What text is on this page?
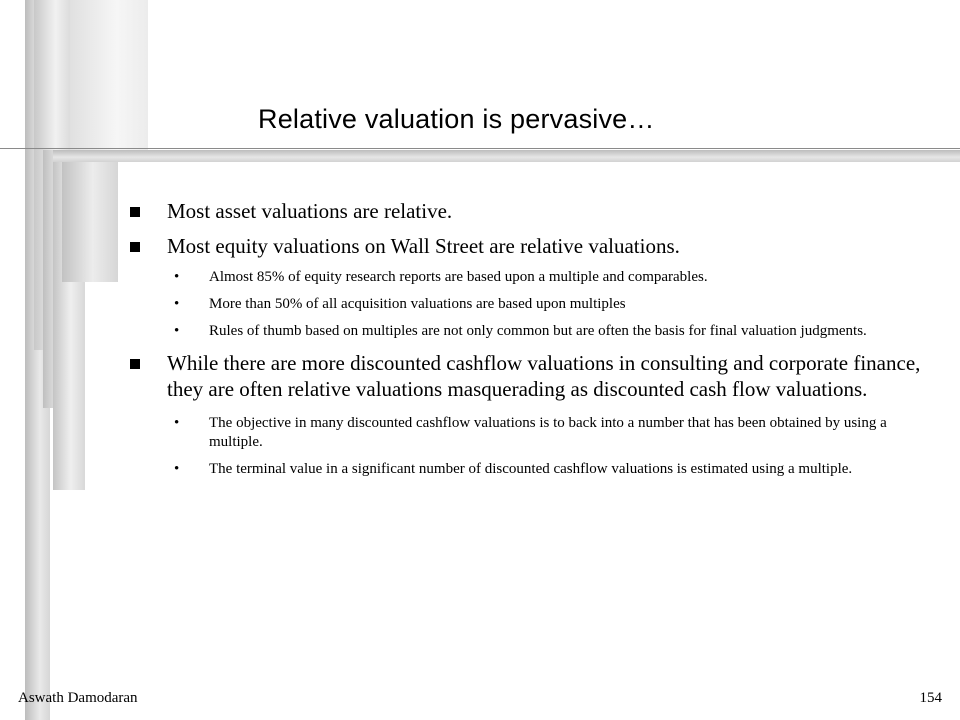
Relative valuation is pervasive…
Most asset valuations are relative.
Most equity valuations on Wall Street are relative valuations.
• Almost 85% of equity research reports are based upon a multiple and comparables.
• More than 50% of all acquisition valuations are based upon multiples
• Rules of thumb based on multiples are not only common but are often the basis for final valuation judgments.
While there are more discounted cashflow valuations in consulting and corporate finance, they are often relative valuations masquerading as discounted cash flow valuations.
• The objective in many discounted cashflow valuations is to back into a number that has been obtained by using a multiple.
• The terminal value in a significant number of discounted cashflow valuations is estimated using a multiple.
Aswath Damodaran	154
